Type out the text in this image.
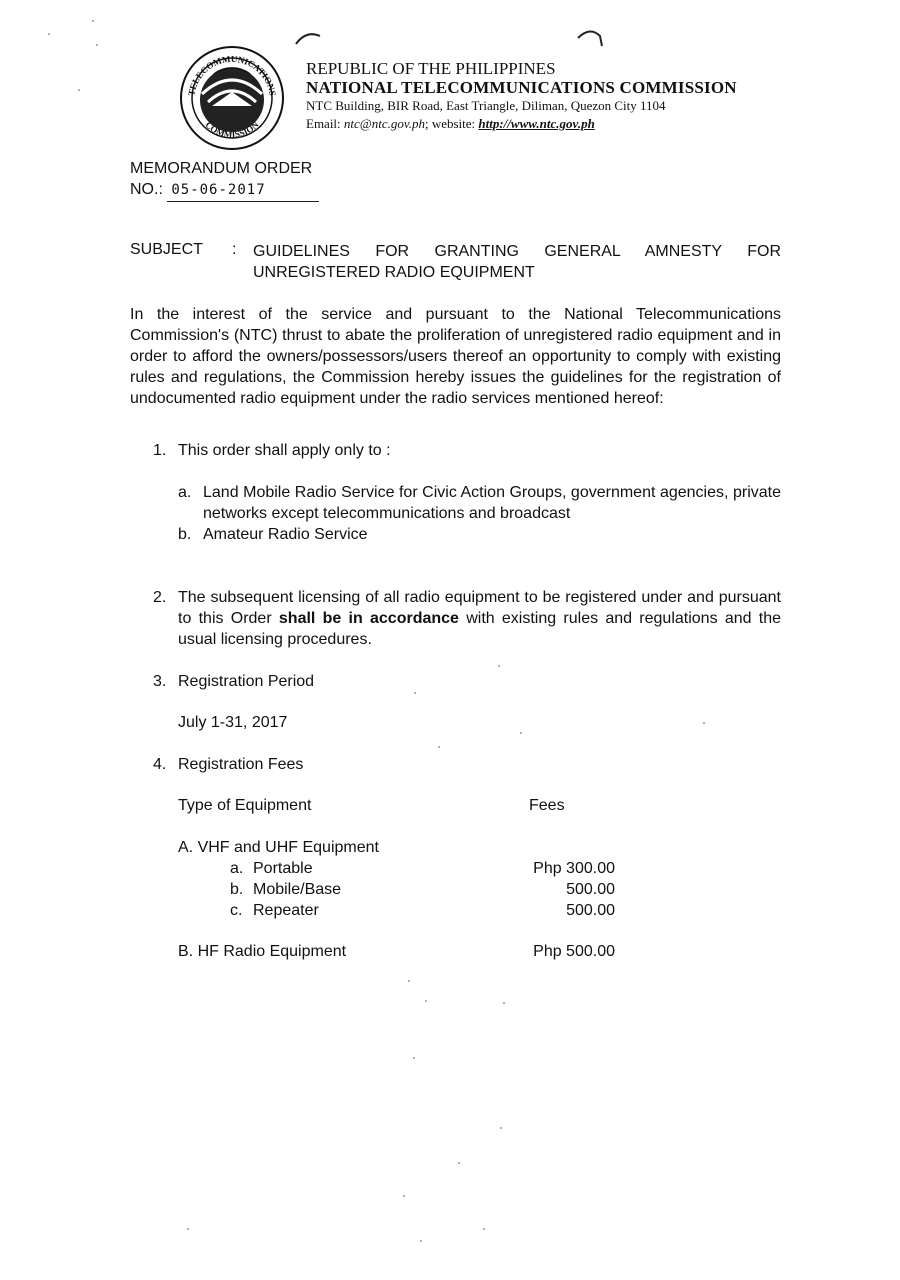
TELECOMMUNICATIONS
COMMISSION
REPUBLIC OF THE PHILIPPINES
NATIONAL TELECOMMUNICATIONS COMMISSION
NTC Building, BIR Road, East Triangle, Diliman, Quezon City 1104
Email: ntc@ntc.gov.ph; website: http://www.ntc.gov.ph
MEMORANDUM ORDER
NO.: 05-06-2017
SUBJECT : GUIDELINES FOR GRANTING GENERAL AMNESTY FOR
UNREGISTERED RADIO EQUIPMENT
In the interest of the service and pursuant to the National Telecommunications Commission's (NTC) thrust to abate the proliferation of unregistered radio equipment and in order to afford the owners/possessors/users thereof an opportunity to comply with existing rules and regulations, the Commission hereby issues the guidelines for the registration of undocumented radio equipment under the radio services mentioned hereof:
1. This order shall apply only to :
a. Land Mobile Radio Service for Civic Action Groups, government agencies, private networks except telecommunications and broadcast
b. Amateur Radio Service
2. The subsequent licensing of all radio equipment to be registered under and pursuant to this Order shall be in accordance with existing rules and regulations and the usual licensing procedures.
3. Registration Period
July 1-31, 2017
4. Registration Fees
Type of Equipment	Fees
A. VHF and UHF Equipment
a. Portable	Php 300.00
b. Mobile/Base	500.00
c. Repeater	500.00
B. HF Radio Equipment	Php 500.00
